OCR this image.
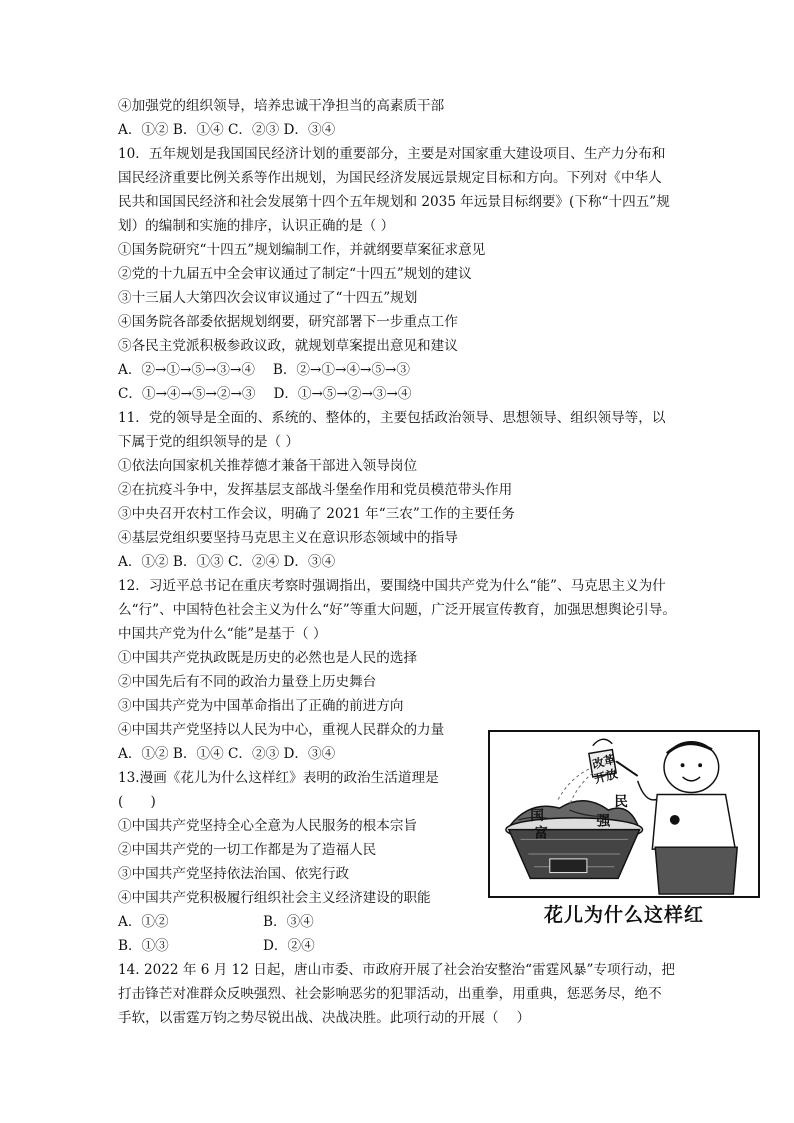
④加强党的组织领导，培养忠诚干净担当的高素质干部
A．①② B．①④ C．②③ D．③④
10．五年规划是我国国民经济计划的重要部分，主要是对国家重大建设项目、生产力分布和
国民经济重要比例关系等作出规划，为国民经济发展远景规定目标和方向。下列对《中华人
民共和国国民经济和社会发展第十四个五年规划和 2035 年远景目标纲要》(下称“十四五”规
划）的编制和实施的排序，认识正确的是（ ）
①国务院研究“十四五”规划编制工作，并就纲要草案征求意见
②党的十九届五中全会审议通过了制定“十四五”规划的建议
③十三届人大第四次会议审议通过了“十四五”规划
④国务院各部委依据规划纲要，研究部署下一步重点工作
⑤各民主党派积极参政议政，就规划草案提出意见和建议
A．②→①→⑤→③→④　 B．②→①→④→⑤→③
C．①→④→⑤→②→③　 D．①→⑤→②→③→④
11．党的领导是全面的、系统的、整体的，主要包括政治领导、思想领导、组织领导等，以
下属于党的组织领导的是（ ）
①依法向国家机关推荐德才兼备干部进入领导岗位
②在抗疫斗争中，发挥基层支部战斗堡垒作用和党员模范带头作用
③中央召开农村工作会议，明确了 2021 年“三农”工作的主要任务
④基层党组织要坚持马克思主义在意识形态领域中的指导
A．①② B．①③ C．②④ D．③④
12．习近平总书记在重庆考察时强调指出，要围绕中国共产党为什么“能”、马克思主义为什
么“行”、中国特色社会主义为什么“好”等重大问题，广泛开展宣传教育，加强思想舆论引导。
中国共产党为什么“能”是基于（ ）
①中国共产党执政既是历史的必然也是人民的选择
②中国先后有不同的政治力量登上历史舞台
③中国共产党为中国革命指出了正确的前进方向
④中国共产党坚持以人民为中心，重视人民群众的力量
A．①② B．①④ C．②③ D．③④
13.漫画《花儿为什么这样红》表明的政治生活道理是
(　　)
①中国共产党坚持全心全意为人民服务的根本宗旨
②中国共产党的一切工作都是为了造福人民
③中国共产党坚持依法治国、依宪行政
④中国共产党积极履行组织社会主义经济建设的职能
A．①②	B．③④
B．①③	D．②④
14. 2022 年 6 月 12 日起，唐山市委、市政府开展了社会治安整治“雷霆风暴”专项行动，把
打击锋芒对准群众反映强烈、社会影响恶劣的犯罪活动，出重拳，用重典，惩恶务尽，绝不
手软，以雷霆万钧之势尽锐出战、决战决胜。此项行动的开展（　 ）
改革
开放
国
富
民
强
花儿为什么这样红
